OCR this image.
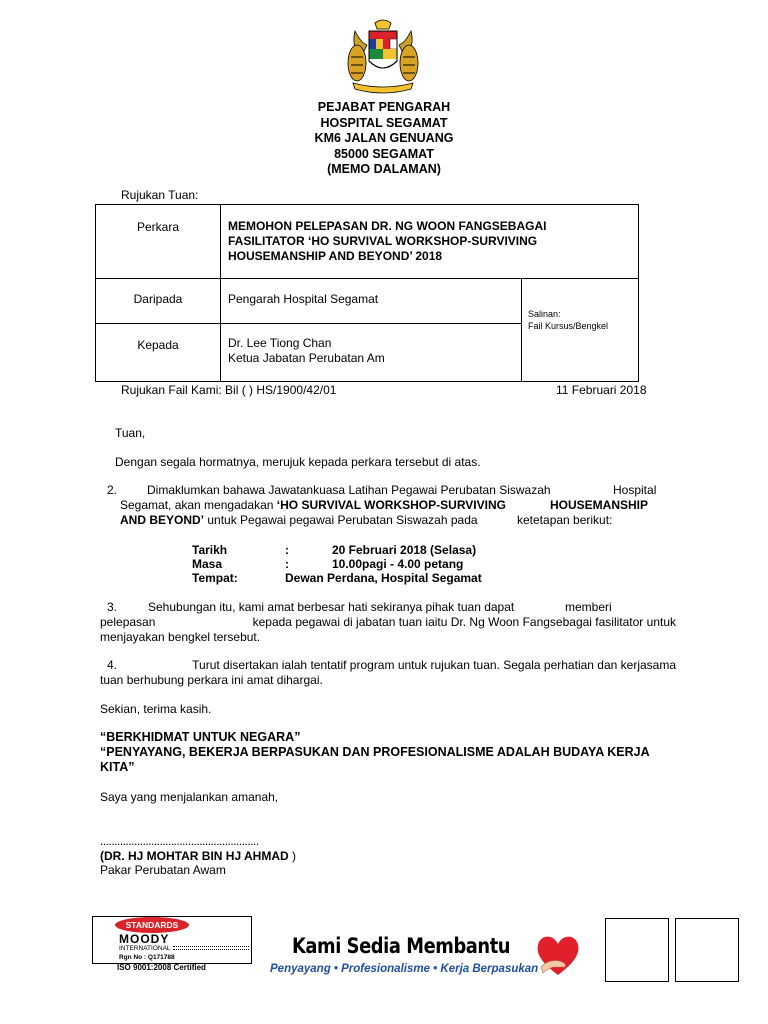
PEJABAT PENGARAH
HOSPITAL SEGAMAT
KM6 JALAN GENUANG
85000 SEGAMAT
(MEMO DALAMAN)
Rujukan Tuan:
Perkara	MEMOHON PELEPASAN DR. NG WOON FANGSEBAGAI
FASILITATOR ‘HO SURVIVAL WORKSHOP-SURVIVING
HOUSEMANSHIP AND BEYOND’ 2018
Daripada	Pengarah Hospital Segamat
Kepada	Dr. Lee Tiong Chan
Ketua Jabatan Perubatan Am
Salinan:
Fail Kursus/Bengkel
Rujukan Fail Kami: Bil ( ) HS/1900/42/01	11 Februari 2018
Tuan,
Dengan segala hormatnya, merujuk kepada perkara tersebut di atas.
2. Dimaklumkan bahawa Jawatankuasa Latihan Pegawai Perubatan Siswazah	Hospital
Segamat, akan mengadakan ‘HO SURVIVAL WORKSHOP-SURVIVING	HOUSEMANSHIP
AND BEYOND’ untuk Pegawai pegawai Perubatan Siswazah pada	ketetapan berikut:
Tarikh	:	20 Februari 2018 (Selasa)
Masa	:	10.00pagi - 4.00 petang
Tempat:	Dewan Perdana, Hospital Segamat
3.	Sehubungan itu, kami amat berbesar hati sekiranya pihak tuan dapat	memberi
pelepasan	kepada pegawai di jabatan tuan iaitu Dr. Ng Woon Fangsebagai fasilitator untuk
menjayakan bengkel tersebut.
4.	Turut disertakan ialah tentatif program untuk rujukan tuan. Segala perhatian dan kerjasama
tuan berhubung perkara ini amat dihargai.
Sekian, terima kasih.
“BERKHIDMAT UNTUK NEGARA”
“PENYAYANG, BEKERJA BERPASUKAN DAN PROFESIONALISME ADALAH BUDAYA KERJA
KITA”
Saya yang menjalankan amanah,
........................................................
(DR. HJ MOHTAR BIN HJ AHMAD )
Pakar Perubatan Awam
STANDARDS
MOODY
INTERNATIONAL
Rgn No : Q171788
ISO 9001:2008 Certified
Kami Sedia Membantu
Penyayang • Profesionalisme • Kerja Berpasukan
